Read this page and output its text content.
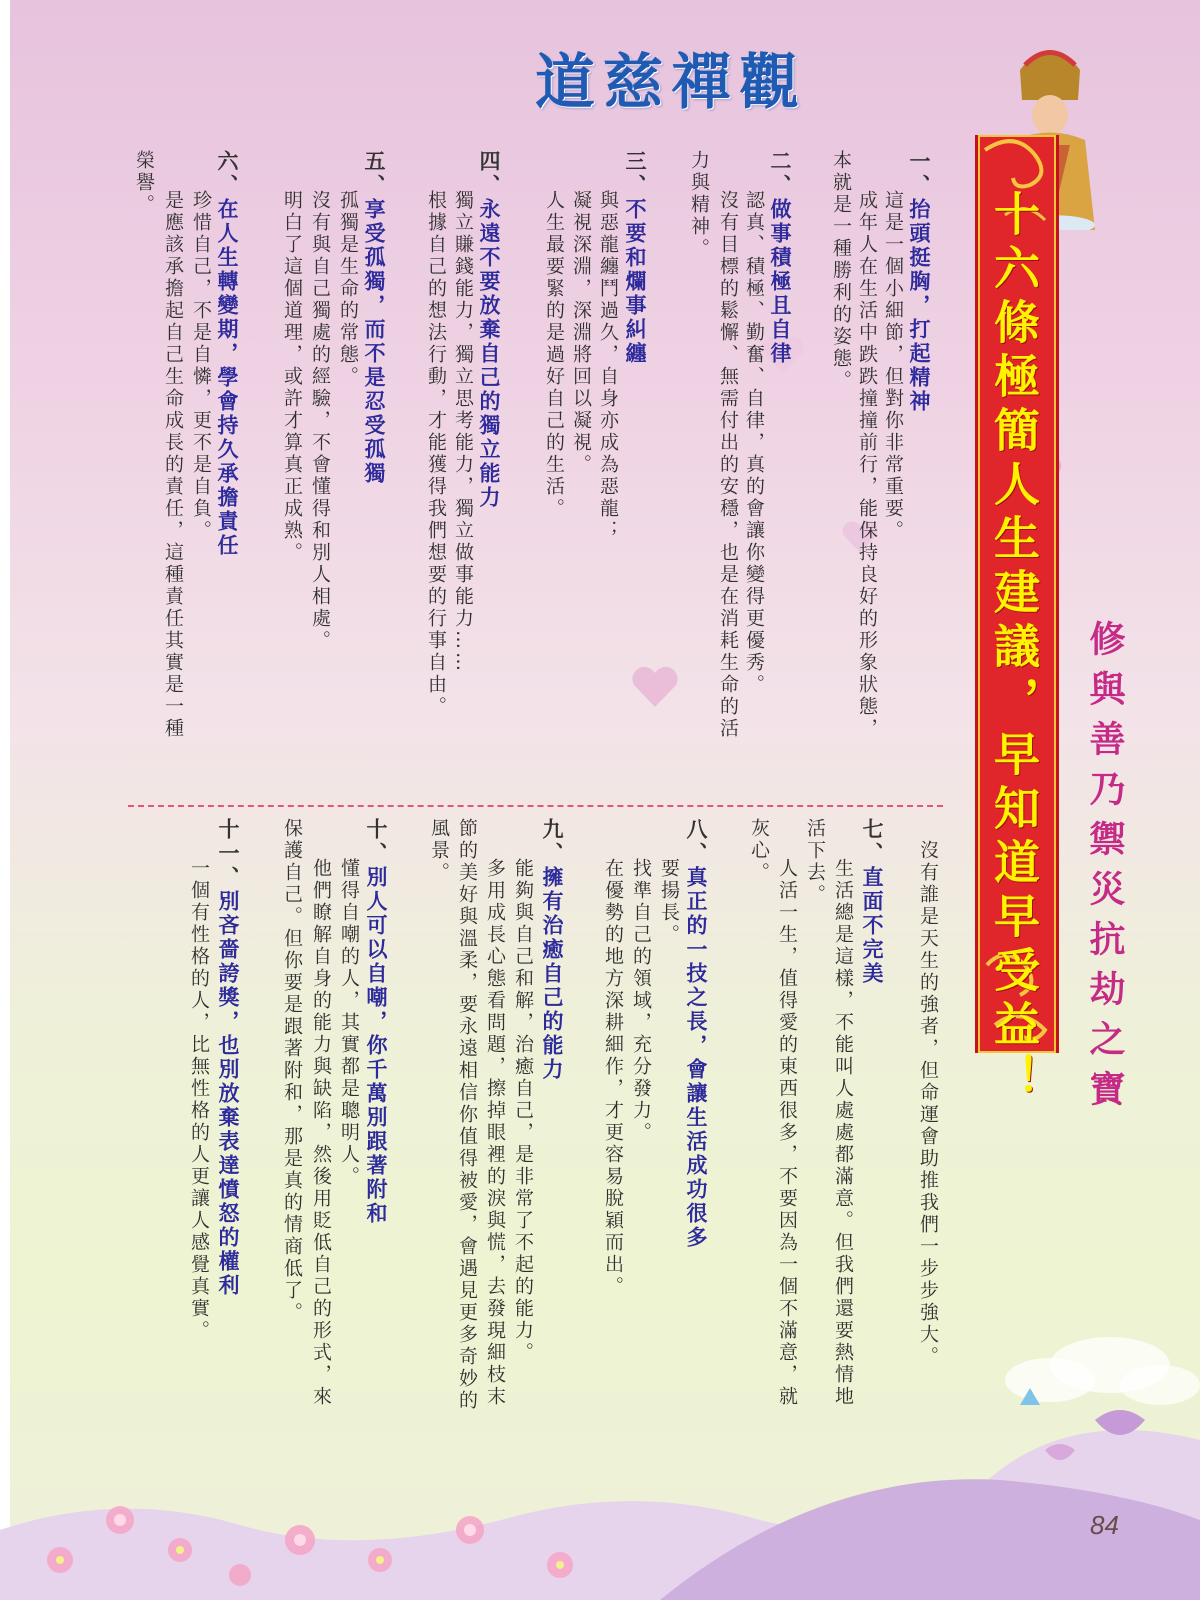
道慈禪觀
十六條極簡人生建議，早知道早受益！ 修與善乃禦災抗劫之寶
一、抬頭挺胸，打起精神
這是一個小細節，但對你非常重要。
成年人在生活中跌跌撞撞前行，能保持良好的形象狀態，
本就是一種勝利的姿態。
二、做事積極且自律
認真、積極、勤奮、自律，真的會讓你變得更優秀。
沒有目標的鬆懈、無需付出的安穩，也是在消耗生命的活
力與精神。
三、不要和爛事糾纏
與惡龍纏鬥過久，自身亦成為惡龍；
凝視深淵，深淵將回以凝視。
人生最要緊的是過好自己的生活。
四、永遠不要放棄自己的獨立能力
獨立賺錢能力，獨立思考能力，獨立做事能力……
根據自己的想法行動，才能獲得我們想要的行事自由。
五、享受孤獨，而不是忍受孤獨
孤獨是生命的常態。
沒有與自己獨處的經驗，不會懂得和別人相處。
明白了這個道理，或許才算真正成熟。
六、在人生轉變期，學會持久承擔責任
珍惜自己，不是自憐，更不是自負。
是應該承擔起自己生命成長的責任，這種責任其實是一種
榮譽。
沒有誰是天生的強者，但命運會助推我們一步步強大。
七、直面不完美
生活總是這樣，不能叫人處處都滿意。但我們還要熱情地
活下去。
人活一生，值得愛的東西很多，不要因為一個不滿意，就
灰心。
八、真正的一技之長，會讓生活成功很多
要揚長。
找準自己的領域，充分發力。
在優勢的地方深耕細作，才更容易脫穎而出。
九、擁有治癒自己的能力
能夠與自己和解，治癒自己，是非常了不起的能力。
多用成長心態看問題，擦掉眼裡的淚與慌，去發現細枝末
節的美好與溫柔，要永遠相信你值得被愛，會遇見更多奇妙的
風景。
十、別人可以自嘲，你千萬別跟著附和
懂得自嘲的人，其實都是聰明人。
他們瞭解自身的能力與缺陷，然後用貶低自己的形式，來
保護自己。但你要是跟著附和，那是真的情商低了。
十一、別吝嗇誇獎，也別放棄表達憤怒的權利
一個有性格的人，比無性格的人更讓人感覺真實。
84
